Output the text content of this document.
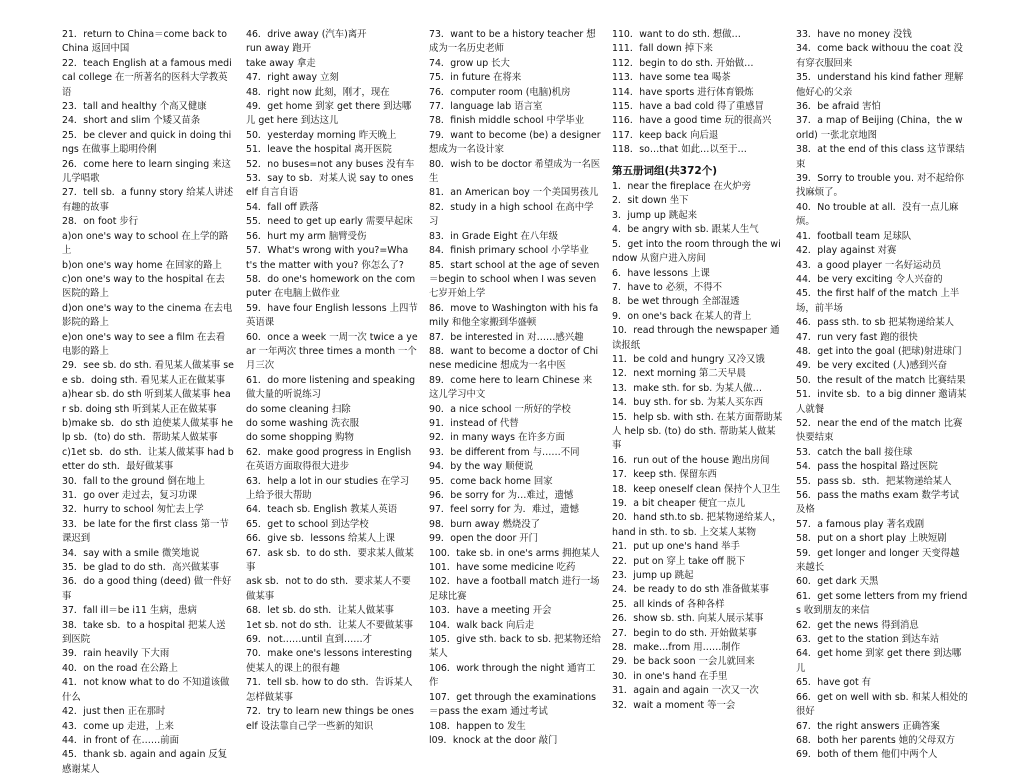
21．return to China＝come back to China 返回中国

22．teach English at a famous medical college 在一所著名的医科大学教英语

23．tall and healthy 个高又健康

24．short and slim 个矮又苗条

25．be clever and quick in doing things 在做事上聪明伶俐

26．come here to learn singing 来这儿学唱歌

27．tell sb．a funny story 给某人讲述有趣的故事

28．on foot 步行

a)on one's way to school 在上学的路上

b)on one's way home 在回家的路上

c)on one's way to the hospital 在去医院的路上

d)on one's way to the cinema 在去电影院的路上

e)on one's way to see a film 在去看电影的路上

29．see sb. do sth. 看见某人做某事 see sb．doing sth. 看见某人正在做某事

a)hear sb. do sth 听到某人做某事 hear sb. doing sth 听到某人正在做某事

b)make sb．do sth 迫使某人做某事 help sb．(to) do sth．帮助某人做某事

c)1et sb．do sth．让某人做某事 had better do sth．最好做某事

30．fall to the ground 倒在地上

31．go over 走过去，复习功课

32．hurry to school 匆忙去上学

33．be late for the first class 第一节课迟到

34．say with a smile 微笑地说

35．be glad to do sth．高兴做某事

36．do a good thing (deed) 做一件好事

37．fall ill＝be i11 生病，患病

38．take sb．to a hospital 把某人送到医院

39．rain heavily 下大雨

40．on the road 在公路上

41．not know what to do 不知道该做什么

42．just then 正在那时

43．come up 走进，上来

44．in front of 在……前面

45．thank sb. again and again 反复感谢某人

46．drive away (汽车)离开

run away 跑开

take away 拿走

47．right away 立刻

48．right now 此刻，刚才，现在

49．get home 到家 get there 到达哪儿 get here 到达这儿

50．yesterday morning 昨天晚上

51．leave the hospital 离开医院

52．no buses=not any buses 没有车

53．say to sb．对某人说 say to oneself 自言自语

54．fall off 跌落

55．need to get up early 需要早起床

56．hurt my arm 脑臂受伤

57．What's wrong with you?=What's the matter with you? 你怎么了?

58．do one's homework on the computer 在电脑上做作业

59．have four English lessons 上四节英语课

60．once a week 一周一次 twice a year 一年两次 three times a month 一个月三次

61．do more listening and speaking 做大量的听说练习

do some cleaning 扫除

do some washing 洗衣服

do some shopping 购物

62．make good progress in English 在英语方面取得很大进步

63．help a lot in our studies 在学习上给予很大帮助

64．teach sb. English 教某人英语

65．get to school 到达学校

66．give sb．lessons 给某人上课

67．ask sb．to do sth．要求某人做某事

ask sb．not to do sth．要求某人不要做某事

68．let sb. do sth．让某人做某事

1et sb. not do sth．让某人不要做某事

69．not……until 直到……才

70．make one's lessons interesting 使某人的课上的很有趣

71．tell sb. how to do sth．告诉某人怎样做某事

72．try to learn new things be oneself 设法靠自己学一些新的知识

73．want to be a history teacher 想成为一名历史老师

74．grow up 长大

75．in future 在将来

76．computer room (电脑)机房

77．language lab 语言室

78．finish middle school 中学毕业

79．want to become (be) a designer 想成为一名设计家

80．wish to be doctor 希望成为一名医生

81．an American boy 一个美国男孩儿

82．study in a high school 在高中学习

83．in Grade Eight 在八年级

84．finish primary school 小学毕业

85．start school at the age of seven ＝begin to school when I was seven 七岁开始上学

86．move to Washington with his family 和他全家搬到华盛顿

87．be interested in 对……感兴趣

88．want to become a doctor of Chinese medicine 想成为一名中医

89．come here to learn Chinese 来这儿学习中文

90．a nice school 一所好的学校

91．instead of 代替

92．in many ways 在许多方面

93．be different from 与……不同

94．by the way 顺便说

95．come back home 回家

96．be sorry for 为…难过，遗憾

97．feel sorry for 为．难过，遗憾

98．burn away 燃烧没了

99．open the door 开门

100．take sb. in one's arms 拥抱某人

101．have some medicine 吃药

102．have a football match 进行一场足球比赛

103．have a meeting 开会

104．walk back 向后走

105．give sth. back to sb. 把某物还给某人

106．work through the night 通宵工作

107．get through the examinations＝pass the exam 通过考试

108．happen to 发生

l09．knock at the door 敲门

110．want to do sth. 想做…

111．fall down 掉下来

112．begin to do sth. 开始做…

113．have some tea 喝茶

114．have sports 进行体育锻炼

115．have a bad cold 得了重感冒

116．have a good time 玩的很高兴

117．keep back 向后退

118．so…that 如此…以至于…

第五册词组(共372个)

1．near the fireplace 在火炉旁

2．sit down 坐下

3．jump up 跳起来

4．be angry with sb. 跟某人生气

5．get into the room through the window 从窗户进入房间

6．have lessons 上课

7．have to 必须，不得不

8．be wet through 全部湿透

9．on one's back 在某人的背上

10．read through the newspaper 通读报纸

11．be cold and hungry 又冷又饿

12．next morning 第二天早晨

13．make sth. for sb. 为某人做…

14．buy sth. for sb. 为某人买东西

15．help sb. with sth. 在某方面帮助某人 help sb. (to) do sth. 帮助某人做某事

16．run out of the house 跑出房间

17．keep sth. 保留东西

18．keep oneself clean 保持个人卫生

19．a bit cheaper 便宜一点儿

20．hand sth.to sb. 把某物递给某人，hand in sth. to sb. 上交某人某物

21．put up one's hand 举手

22．put on 穿上 take off 脱下

23．jump up 跳起

24．be ready to do sth 准备做某事

25．all kinds of 各种各样

26．show sb. sth. 向某人展示某事

27．begin to do sth. 开始做某事

28．make…from 用……制作

29．be back soon 一会儿就回来

30．in one's hand 在手里

31．again and again 一次又一次

32．wait a moment 等一会

33．have no money 没钱

34．come back withouu the coat 没有穿衣服回来

35．understand his kind father 理解他好心的父亲

36．be afraid 害怕

37．a map of Beijing (China，the world) 一张北京地图

38．at the end of this class 这节课结束

39．Sorry to trouble you. 对不起给你找麻烦了。

40．No trouble at all．没有一点儿麻烦。

41．football team 足球队

42．play against 对赛

43．a good player 一名好运动员

44．be very exciting 令人兴奋的

45．the first half of the match 上半场，前半场

46．pass sth. to sb 把某物递给某人

47．run very fast 跑的很快

48．get into the goal (把球)射进球门

49．be very excited (人)感到兴奋

50．the result of the match 比赛结果

51．invite sb．to a big dinner 邀请某人就餐

52．near the end of the match 比赛快要结束

53．catch the ball 接住球

54．pass the hospital 路过医院

55．pass sb．sth．把某物递给某人

56．pass the maths exam 数学考试及格

57．a famous play 著名戏剧

58．put on a short play 上映短剧

59．get longer and longer 天变得越来越长

60．get dark 天黑

61．get some letters from my friends 收到朋友的来信

62．get the news 得到消息

63．get to the station 到达车站

64．get home 到家 get there 到达哪儿

65．have got 有

66．get on well with sb. 和某人相处的很好

67．the right answers 正确答案

68．both her parents 她的父母双方

69．both of them 他们中两个人
